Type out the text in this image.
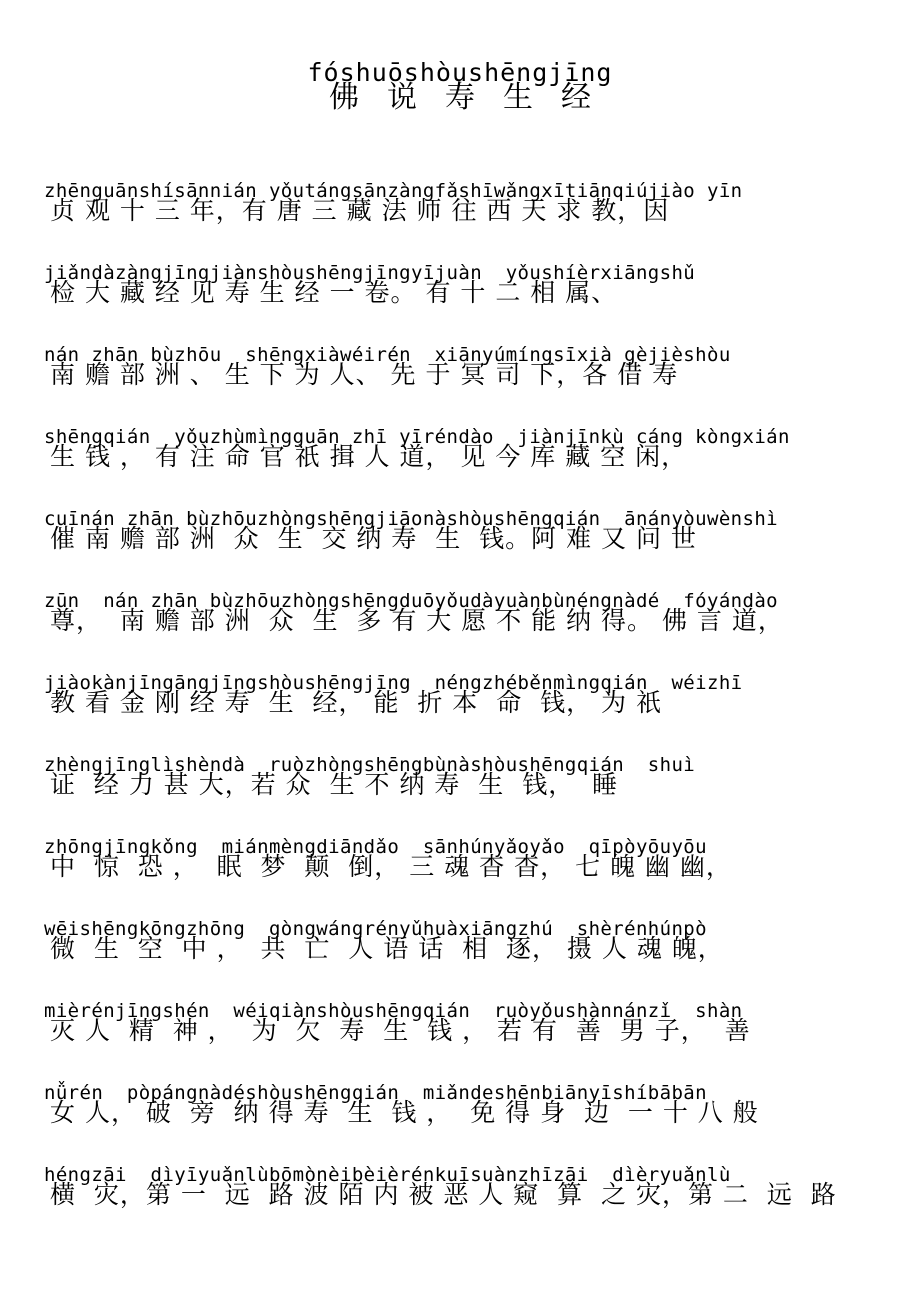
fóshuōshòushēngjīng
佛说寿生经
zhēnguānshísānnián yǒutángsānzàngfǎshīwǎngxītiānqiújiào yīn
贞 观 十 三 年，有 唐 三 藏 法 师 往 西 天 求 教，因
jiǎndàzàngjīngjiànshòushēngjīngyījuàn  yǒushíèrxiāngshǔ
检 大 藏 经 见 寿 生 经 一 卷。 有 十 二 相 属、
nán zhān bùzhōu  shēngxiàwéirén  xiānyúmíngsīxià gèjièshòu
南 赡 部 洲 、 生 下 为 人、 先 于 冥 司 下，各 借 寿
shēngqián  yǒuzhùmìngguān zhī yīréndào  jiànjīnkù cáng kòngxián
生 钱 ， 有 注 命 官 祇 揖 人 道， 见 今 库 藏 空 闲，
cuīnán zhān bùzhōuzhòngshēngjiāonàshòushēngqián  ānányòuwènshì
催 南 赡 部 洲  众  生  交 纳 寿  生  钱。阿 难 又 问 世
zūn  nán zhān bùzhōuzhòngshēngduōyǒudàyuànbùnéngnàdé  fóyándào
尊，  南 赡 部 洲  众  生  多 有 大 愿 不 能 纳 得。 佛 言 道，
jiàokànjīngāngjīngshòushēngjīng  néngzhéběnmìngqián  wéizhī
教 看 金 刚 经 寿  生  经， 能  折 本  命  钱， 为 祇
zhèngjīnglìshèndà  ruòzhòngshēngbùnàshòushēngqián  shuì
证  经 力 甚 大，若 众  生 不 纳 寿  生  钱，  睡
zhōngjīngkǒng  miánmèngdiāndǎo  sānhúnyǎoyǎo  qīpòyōuyōu
中  惊  恐 ，  眠  梦  颠  倒， 三 魂 杳 杳， 七 魄 幽 幽，
wēishēngkōngzhōng  gòngwángrényǔhuàxiāngzhú  shèrénhúnpò
微  生  空  中 ，  共  亡  人 语 话  相  逐， 摄 人 魂 魄，
mièrénjīngshén  wéiqiànshòushēngqián  ruòyǒushànnánzǐ  shàn
灭 人  精  神 ，  为  欠  寿  生  钱 ， 若 有  善  男 子，  善
nǚrén  pòpángnàdéshòushēngqián  miǎndeshēnbiānyīshíbābān
女 人， 破  旁  纳 得 寿  生  钱 ，  免 得 身  边  一 十 八 般
héngzāi  dìyīyuǎnlùbōmònèibèièrénkuīsuànzhīzāi  dìèryuǎnlù
横  灾，第 一  远  路 波 陌 内 被 恶 人 窥  算  之 灾，第 二  远  路
